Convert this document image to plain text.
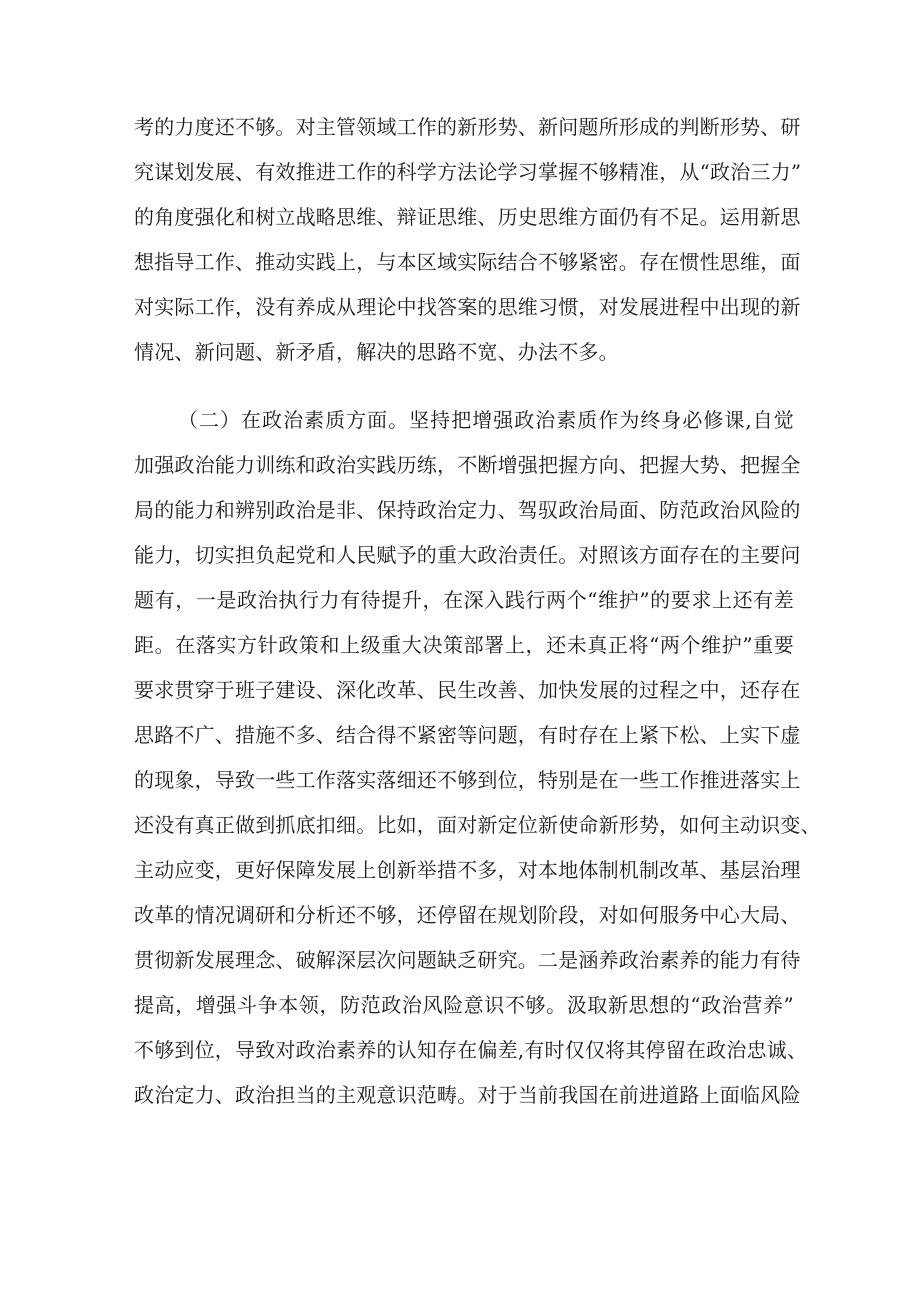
考的力度还不够。对主管领域工作的新形势、新问题所形成的判断形势、研
究谋划发展、有效推进工作的科学方法论学习掌握不够精准，从“政治三力”
的角度强化和树立战略思维、辩证思维、历史思维方面仍有不足。运用新思
想指导工作、推动实践上，与本区域实际结合不够紧密。存在惯性思维，面
对实际工作，没有养成从理论中找答案的思维习惯，对发展进程中出现的新
情况、新问题、新矛盾，解决的思路不宽、办法不多。
（二）在政治素质方面。坚持把增强政治素质作为终身必修课,自觉
加强政治能力训练和政治实践历练，不断增强把握方向、把握大势、把握全
局的能力和辨别政治是非、保持政治定力、驾驭政治局面、防范政治风险的
能力，切实担负起党和人民赋予的重大政治责任。对照该方面存在的主要问
题有，一是政治执行力有待提升，在深入践行两个“维护”的要求上还有差
距。在落实方针政策和上级重大决策部署上，还未真正将“两个维护”重要
要求贯穿于班子建设、深化改革、民生改善、加快发展的过程之中，还存在
思路不广、措施不多、结合得不紧密等问题，有时存在上紧下松、上实下虚
的现象，导致一些工作落实落细还不够到位，特别是在一些工作推进落实上
还没有真正做到抓底扣细。比如，面对新定位新使命新形势，如何主动识变、
主动应变，更好保障发展上创新举措不多，对本地体制机制改革、基层治理
改革的情况调研和分析还不够，还停留在规划阶段，对如何服务中心大局、
贯彻新发展理念、破解深层次问题缺乏研究。二是涵养政治素养的能力有待
提高，增强斗争本领，防范政治风险意识不够。汲取新思想的“政治营养”
不够到位，导致对政治素养的认知存在偏差,有时仅仅将其停留在政治忠诚、
政治定力、政治担当的主观意识范畴。对于当前我国在前进道路上面临风险
